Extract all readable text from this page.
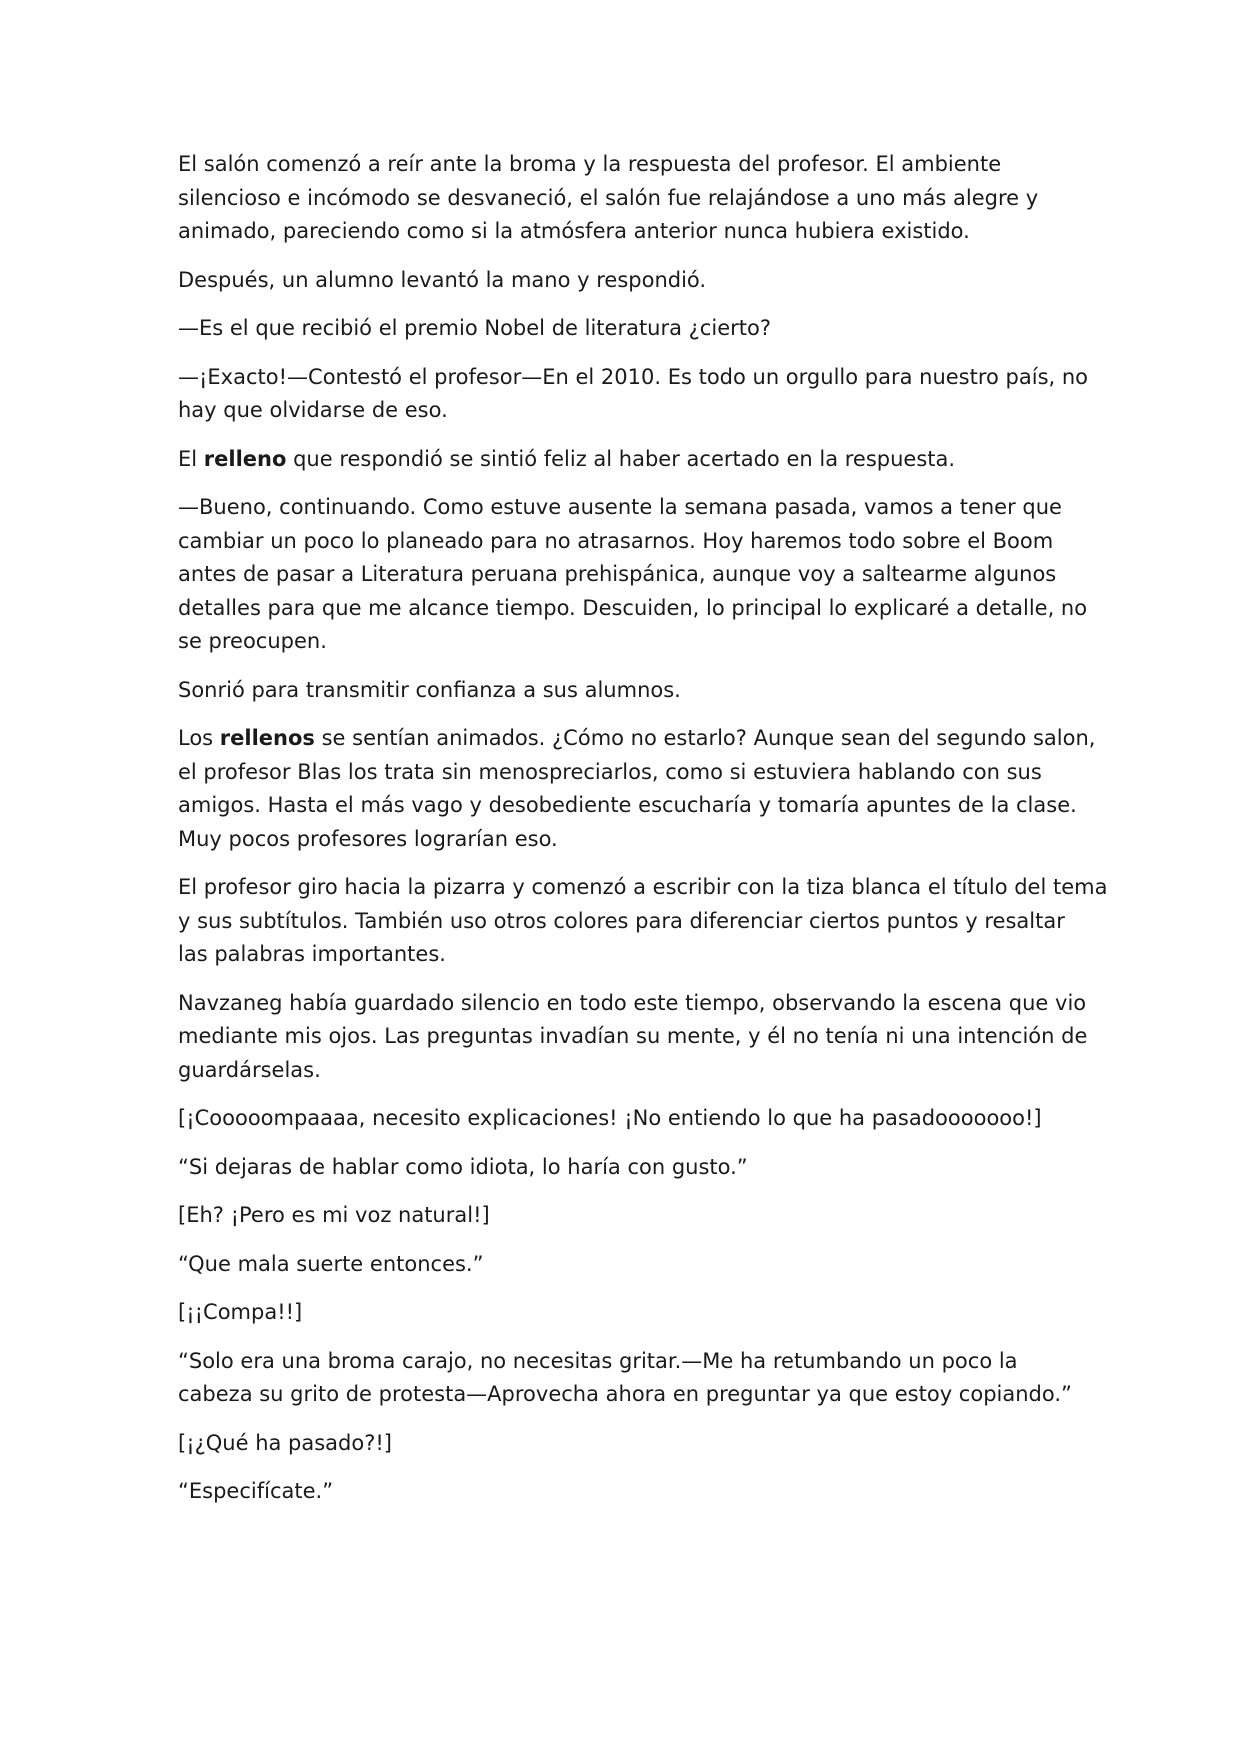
El salón comenzó a reír ante la broma y la respuesta del profesor. El ambiente
silencioso e incómodo se desvaneció, el salón fue relajándose a uno más alegre y
animado, pareciendo como si la atmósfera anterior nunca hubiera existido.

Después, un alumno levantó la mano y respondió.

—Es el que recibió el premio Nobel de literatura ¿cierto?

—¡Exacto!—Contestó el profesor—En el 2010. Es todo un orgullo para nuestro país, no
hay que olvidarse de eso.

El relleno que respondió se sintió feliz al haber acertado en la respuesta.

—Bueno, continuando. Como estuve ausente la semana pasada, vamos a tener que
cambiar un poco lo planeado para no atrasarnos. Hoy haremos todo sobre el Boom
antes de pasar a Literatura peruana prehispánica, aunque voy a saltearme algunos
detalles para que me alcance tiempo. Descuiden, lo principal lo explicaré a detalle, no
se preocupen.

Sonrió para transmitir confianza a sus alumnos.

Los rellenos se sentían animados. ¿Cómo no estarlo? Aunque sean del segundo salon,
el profesor Blas los trata sin menospreciarlos, como si estuviera hablando con sus
amigos. Hasta el más vago y desobediente escucharía y tomaría apuntes de la clase.
Muy pocos profesores lograrían eso.

El profesor giro hacia la pizarra y comenzó a escribir con la tiza blanca el título del tema
y sus subtítulos. También uso otros colores para diferenciar ciertos puntos y resaltar
las palabras importantes.

Navzaneg había guardado silencio en todo este tiempo, observando la escena que vio
mediante mis ojos. Las preguntas invadían su mente, y él no tenía ni una intención de
guardárselas.

[¡Cooooompaaaa, necesito explicaciones! ¡No entiendo lo que ha pasadooooooo!]

“Si dejaras de hablar como idiota, lo haría con gusto.”

[Eh? ¡Pero es mi voz natural!]

“Que mala suerte entonces.”

[¡¡Compa!!]

“Solo era una broma carajo, no necesitas gritar.—Me ha retumbando un poco la
cabeza su grito de protesta—Aprovecha ahora en preguntar ya que estoy copiando.”

[¡¿Qué ha pasado?!]

“Especifícate.”
